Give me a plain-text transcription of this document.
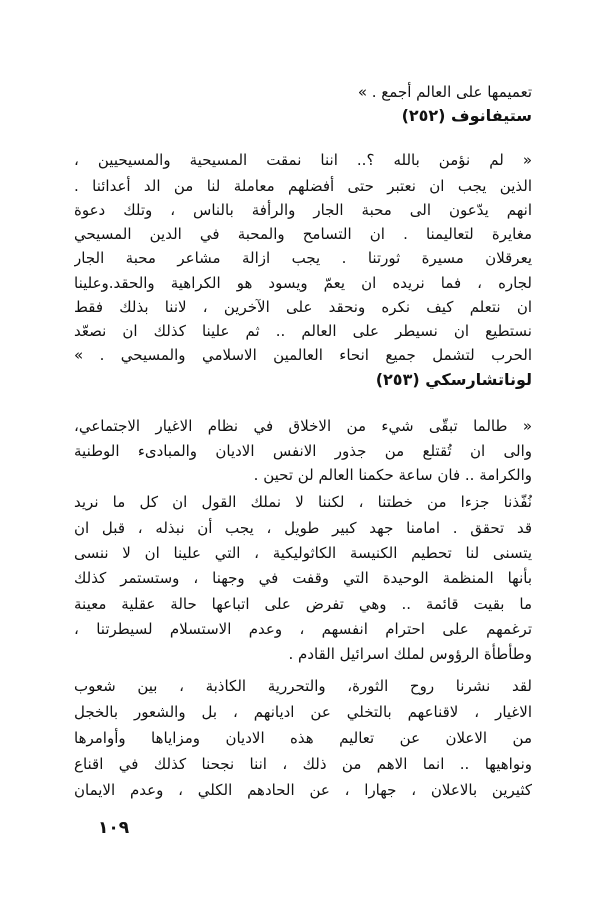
تعميمها على العالم أجمع . »
ستيفانوف (٢٥٢)
« لم نؤمن بالله ؟.. اننا نمقت المسيحية والمسيحيين ،
الذين يجب ان نعتبر حتى أفضلهم معاملة لنا من الد أعدائنا .
انهم يدّعون الى محبة الجار والرأفة بالناس ، وتلك دعوة
مغايرة لتعاليمنا . ان التسامح والمحبة في الدين المسيحي
يعرقلان مسيرة ثورتنا . يجب ازالة مشاعر محبة الجار
لجاره ، فما نريده ان يعمّ ويسود هو الكراهية والحقد.وعلينا
ان نتعلم كيف نكره ونحقد على الآخرين ، لاننا بذلك فقط
نستطيع ان نسيطر على العالم .. ثم علينا كذلك ان نصعّد
الحرب لتشمل جميع انحاء العالمين الاسلامي والمسيحي . »
لوناتشارسكي (٢٥٣)
« طالما تبقّى شيء من الاخلاق في نظام الاغيار الاجتماعي،
والى ان تُقتلع من جذور الانفس الاديان والمبادىء الوطنية
والكرامة .. فان ساعة حكمنا العالم لن تحين .
نُفّذنا جزءا من خطتنا ، لكننا لا نملك القول ان كل ما نريد
قد تحقق . امامنا جهد كبير طويل ، يجب أن نبذله ، قبل ان
يتسنى لنا تحطيم الكنيسة الكاثوليكية ، التي علينا ان لا ننسى
بأنها المنظمة الوحيدة التي وقفت في وجهنا ، وستستمر كذلك
ما بقيت قائمة .. وهي تفرض على اتباعها حالة عقلية معينة
ترغمهم على احترام انفسهم ، وعدم الاستسلام لسيطرتنا ،
وطأطأة الرؤوس لملك اسرائيل القادم .
لقد نشرنا روح الثورة، والتحررية الكاذبة ، بين شعوب
الاغيار ، لاقناعهم بالتخلي عن اديانهم ، بل والشعور بالخجل
من الاعلان عن تعاليم هذه الاديان ومزاياها وأوامرها
ونواهيها .. انما الاهم من ذلك ، اننا نجحنا كذلك في اقناع
كثيرين بالاعلان ، جهارا ، عن الحادهم الكلي ، وعدم الايمان
١٠٩
